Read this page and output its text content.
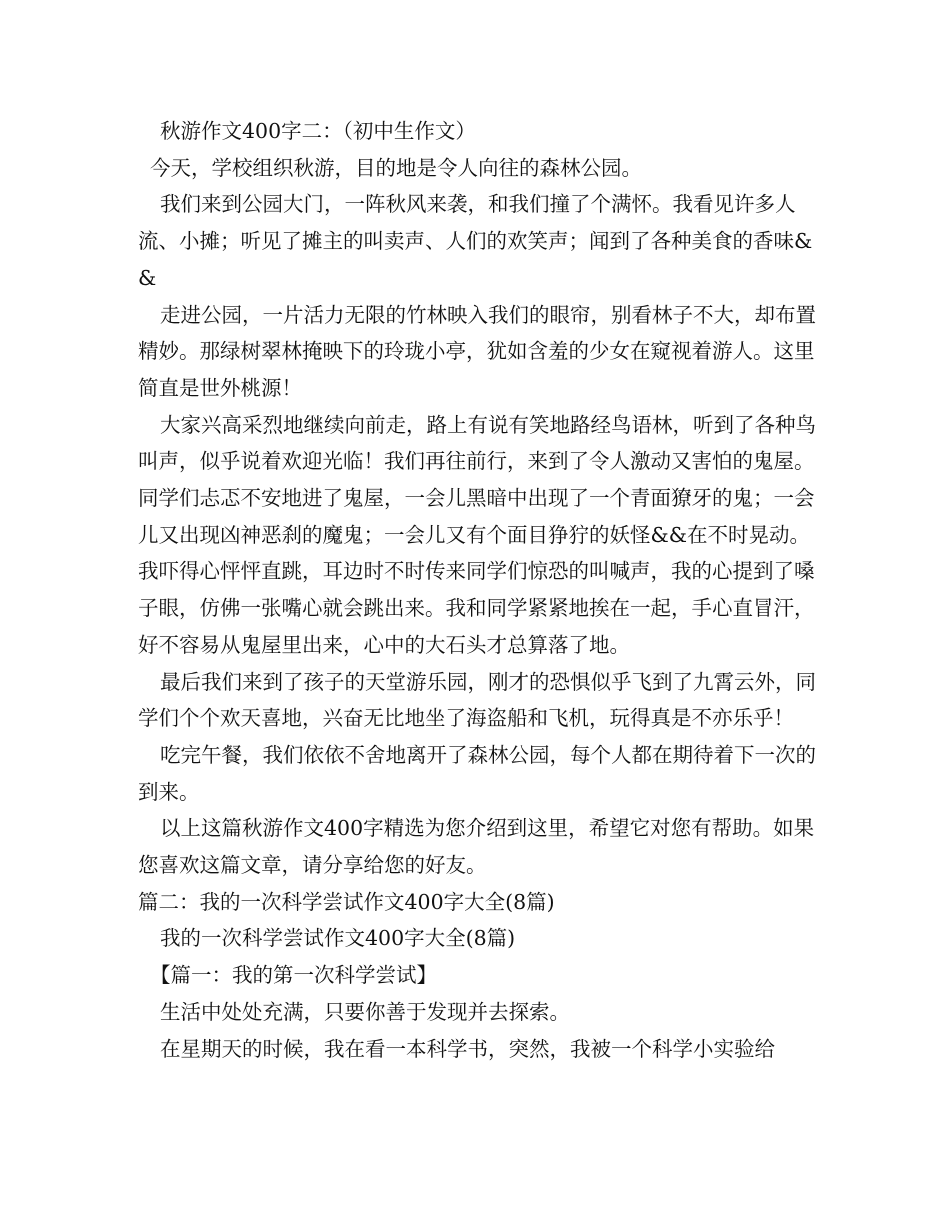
秋游作文400字二：（初中生作文）

今天，学校组织秋游，目的地是令人向往的森林公园。

我们来到公园大门，一阵秋风来袭，和我们撞了个满怀。我看见许多人流、小摊；听见了摊主的叫卖声、人们的欢笑声；闻到了各种美食的香味&&

走进公园，一片活力无限的竹林映入我们的眼帘，别看林子不大，却布置精妙。那绿树翠林掩映下的玲珑小亭，犹如含羞的少女在窥视着游人。这里简直是世外桃源！

大家兴高采烈地继续向前走，路上有说有笑地路经鸟语林，听到了各种鸟叫声，似乎说着欢迎光临！我们再往前行，来到了令人激动又害怕的鬼屋。同学们忐忑不安地进了鬼屋，一会儿黑暗中出现了一个青面獠牙的鬼；一会儿又出现凶神恶刹的魔鬼；一会儿又有个面目狰狞的妖怪&&在不时晃动。我吓得心怦怦直跳，耳边时不时传来同学们惊恐的叫喊声，我的心提到了嗓子眼，仿佛一张嘴心就会跳出来。我和同学紧紧地挨在一起，手心直冒汗，好不容易从鬼屋里出来，心中的大石头才总算落了地。

最后我们来到了孩子的天堂游乐园，刚才的恐惧似乎飞到了九霄云外，同学们个个欢天喜地，兴奋无比地坐了海盗船和飞机，玩得真是不亦乐乎！

吃完午餐，我们依依不舍地离开了森林公园，每个人都在期待着下一次的到来。

以上这篇秋游作文400字精选为您介绍到这里，希望它对您有帮助。如果您喜欢这篇文章，请分享给您的好友。

篇二：我的一次科学尝试作文400字大全(8篇)

我的一次科学尝试作文400字大全(8篇)

【篇一：我的第一次科学尝试】

生活中处处充满，只要你善于发现并去探索。

在星期天的时候，我在看一本科学书，突然，我被一个科学小实验给
